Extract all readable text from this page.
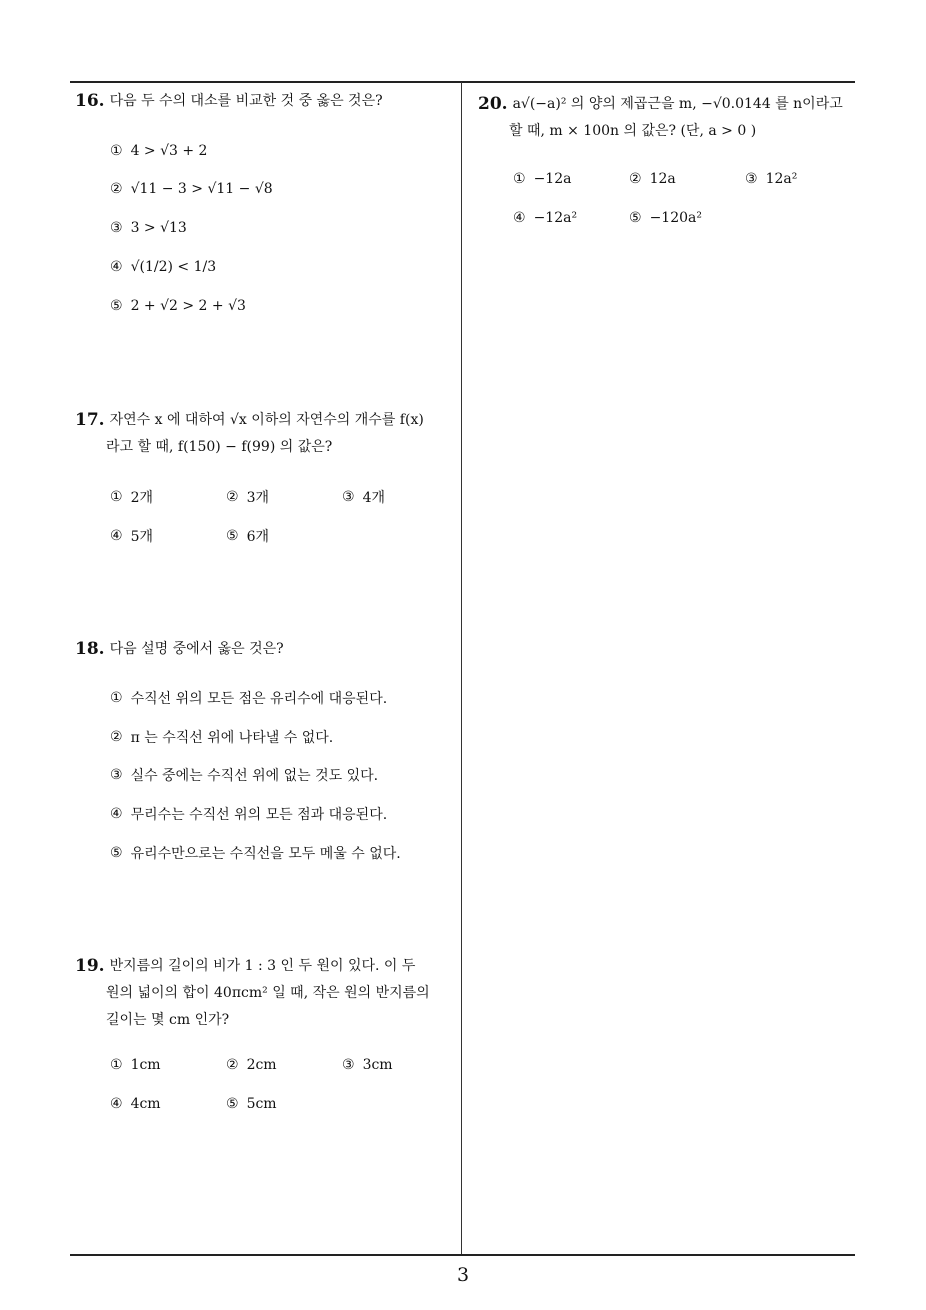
3
16. 다음 두 수의 대소를 비교한 것 중 옳은 것은?
① 4 > √3 + 2
② √11 − 3 > √11 − √8
③ 3 > √13
④ √(1/2) < 1/3
⑤ 2 + √2 > 2 + √3
17. 자연수 x 에 대하여 √x 이하의 자연수의 개수를 f(x)
라고 할 때, f(150) − f(99) 의 값은?
① 2개	② 3개	③ 4개
④ 5개	⑤ 6개
18. 다음 설명 중에서 옳은 것은?
① 수직선 위의 모든 점은 유리수에 대응된다.
② π 는 수직선 위에 나타낼 수 없다.
③ 실수 중에는 수직선 위에 없는 것도 있다.
④ 무리수는 수직선 위의 모든 점과 대응된다.
⑤ 유리수만으로는 수직선을 모두 메울 수 없다.
19. 반지름의 길이의 비가 1 : 3 인 두 원이 있다. 이 두
원의 넓이의 합이 40πcm² 일 때, 작은 원의 반지름의
길이는 몇 cm 인가?
① 1cm	② 2cm	③ 3cm
④ 4cm	⑤ 5cm
20. a√(−a)² 의 양의 제곱근을 m, −√0.0144 를 n이라고
할 때, m × 100n 의 값은? (단, a > 0 )
① −12a	② 12a	③ 12a²
④ −12a²	⑤ −120a²
